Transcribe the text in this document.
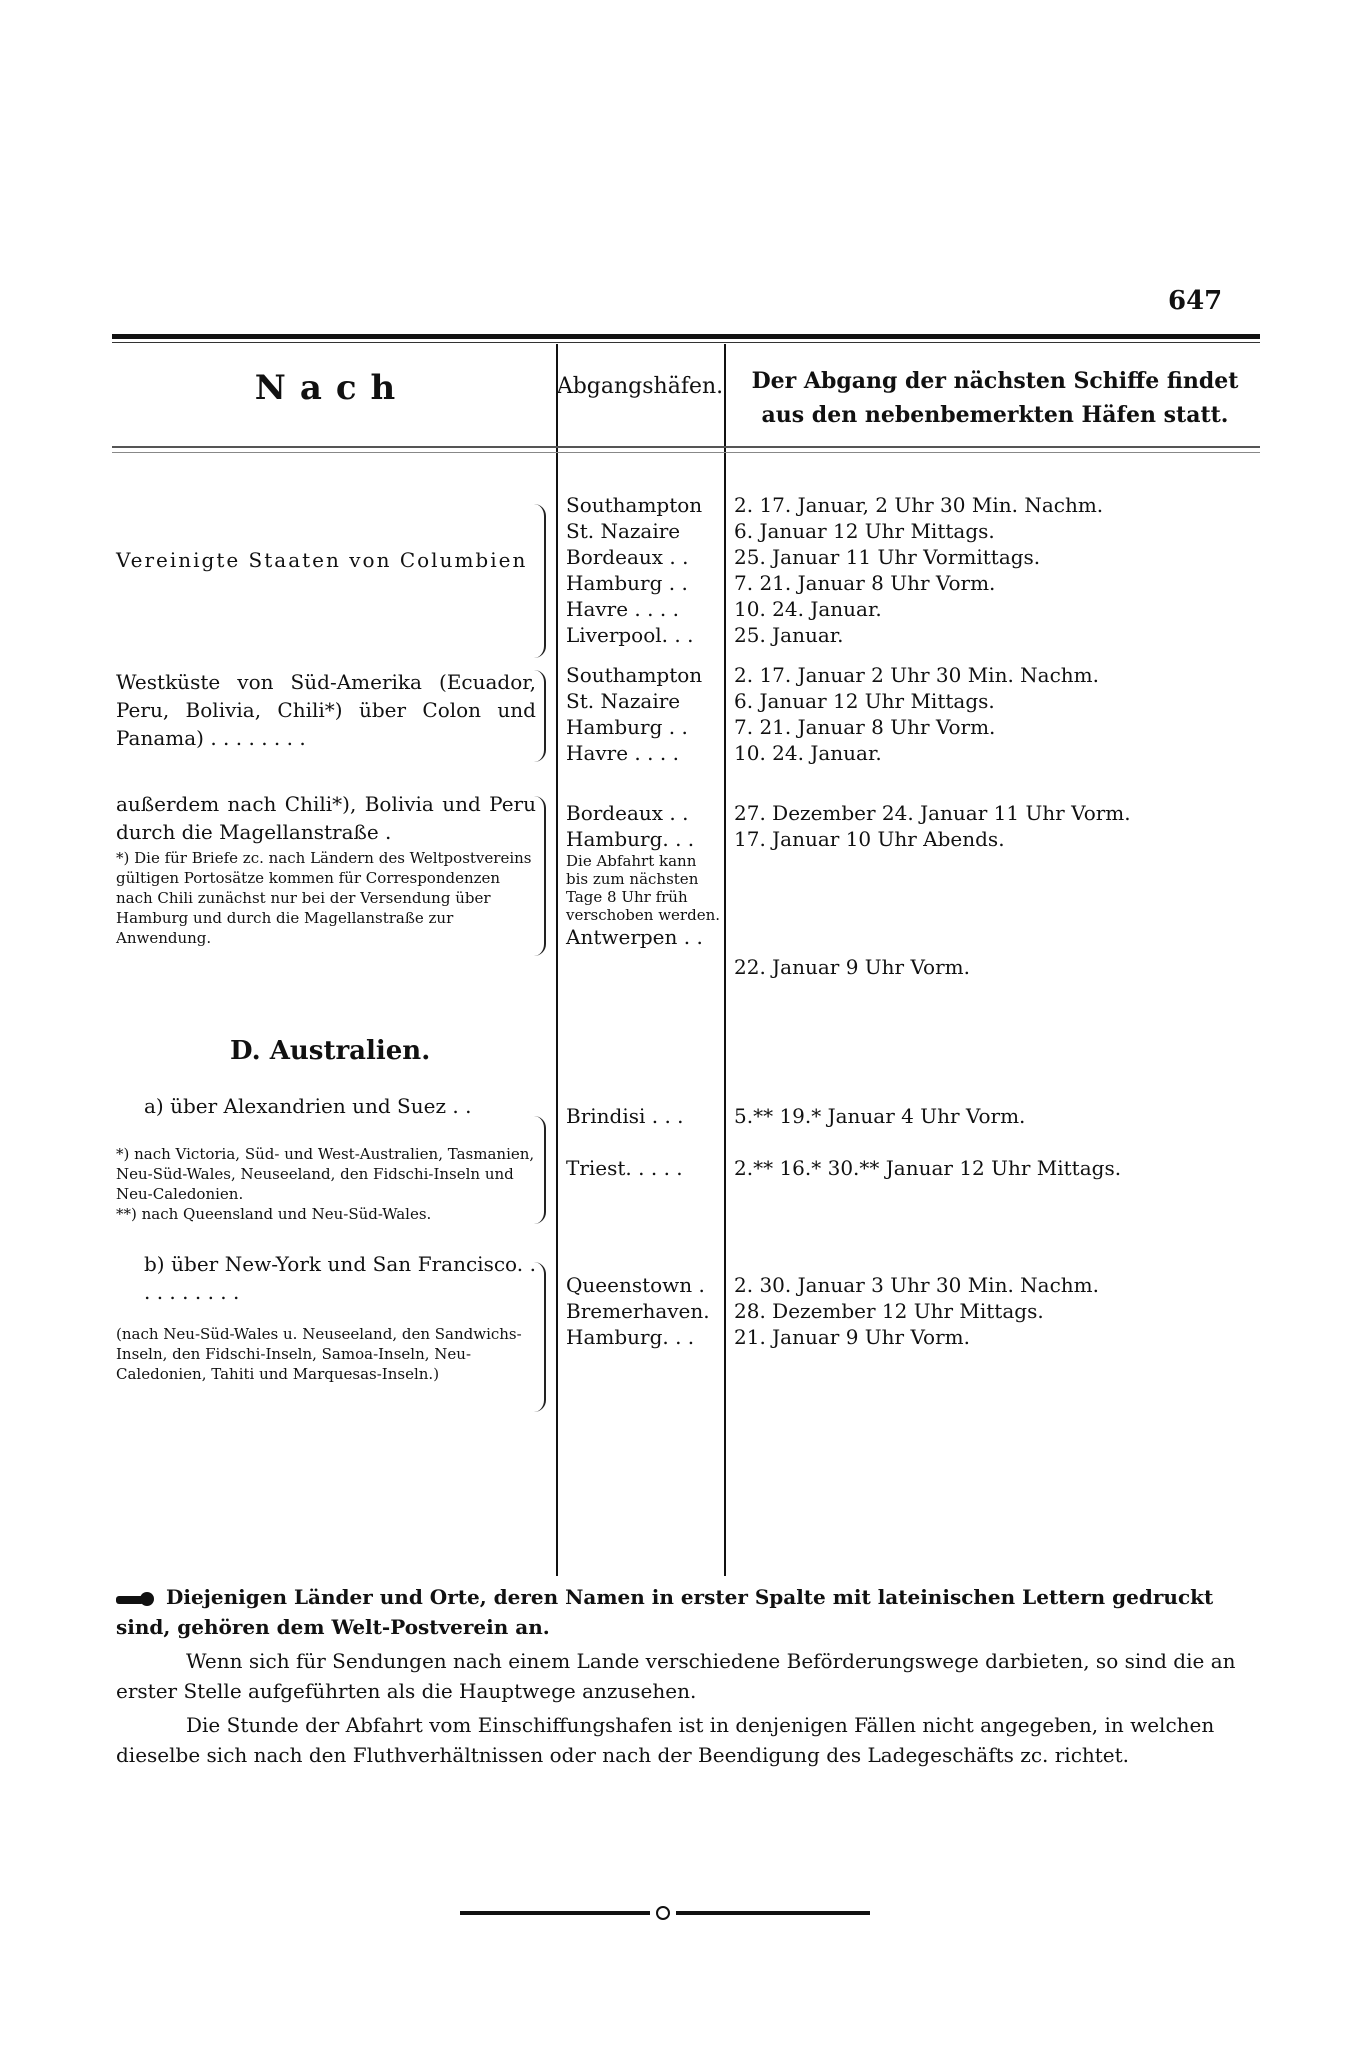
647
Nach	Abgangshäfen.	Der Abgang der nächsten Schiffe findet aus den nebenbemerkten Häfen statt.
Vereinigte Staaten von Columbien
Southampton
St. Nazaire
Bordeaux . .
Hamburg . .
Havre . . . .
Liverpool. . .
2. 17. Januar, 2 Uhr 30 Min. Nachm.
6. Januar 12 Uhr Mittags.
25. Januar 11 Uhr Vormittags.
7. 21. Januar 8 Uhr Vorm.
10. 24. Januar.
25. Januar.
Westküste von Süd-Amerika (Ecuador, Peru, Bolivia, Chili*) über Colon und Panama) . . . . . . . .
Southampton
St. Nazaire
Hamburg . .
Havre . . . .
2. 17. Januar 2 Uhr 30 Min. Nachm.
6. Januar 12 Uhr Mittags.
7. 21. Januar 8 Uhr Vorm.
10. 24. Januar.
außerdem nach Chili*), Bolivia und Peru durch die Magellanstraße .
*) Die für Briefe zc. nach Ländern des Weltpostvereins gültigen Portosätze kommen für Correspondenzen nach Chili zunächst nur bei der Versendung über Hamburg und durch die Magellanstraße zur Anwendung.
Bordeaux . .
Hamburg. . .
Die Abfahrt kann bis zum nächsten Tage 8 Uhr früh verschoben werden.
Antwerpen . .
27. Dezember 24. Januar 11 Uhr Vorm.
17. Januar 10 Uhr Abends.
22. Januar 9 Uhr Vorm.
D. Australien.
a) über Alexandrien und Suez . .
*) nach Victoria, Süd- und West-Australien, Tasmanien, Neu-Süd-Wales, Neuseeland, den Fidschi-Inseln und Neu-Caledonien.
**) nach Queensland und Neu-Süd-Wales.
Brindisi . . .
Triest. . . . .
5.** 19.* Januar 4 Uhr Vorm.
2.** 16.* 30.** Januar 12 Uhr Mittags.
b) über New-York und San Francisco. . . . . . . . . .
(nach Neu-Süd-Wales u. Neuseeland, den Sandwichs-Inseln, den Fidschi-Inseln, Samoa-Inseln, Neu-Caledonien, Tahiti und Marquesas-Inseln.)
Queenstown .
Bremerhaven.
Hamburg. . .
2. 30. Januar 3 Uhr 30 Min. Nachm.
28. Dezember 12 Uhr Mittags.
21. Januar 9 Uhr Vorm.

Diejenigen Länder und Orte, deren Namen in erster Spalte mit lateinischen Lettern gedruckt sind, gehören dem Welt-Postverein an.

Wenn sich für Sendungen nach einem Lande verschiedene Beförderungswege darbieten, so sind die an erster Stelle aufgeführten als die Hauptwege anzusehen.

Die Stunde der Abfahrt vom Einschiffungshafen ist in denjenigen Fällen nicht angegeben, in welchen dieselbe sich nach den Fluthverhältnissen oder nach der Beendigung des Ladegeschäfts zc. richtet.
